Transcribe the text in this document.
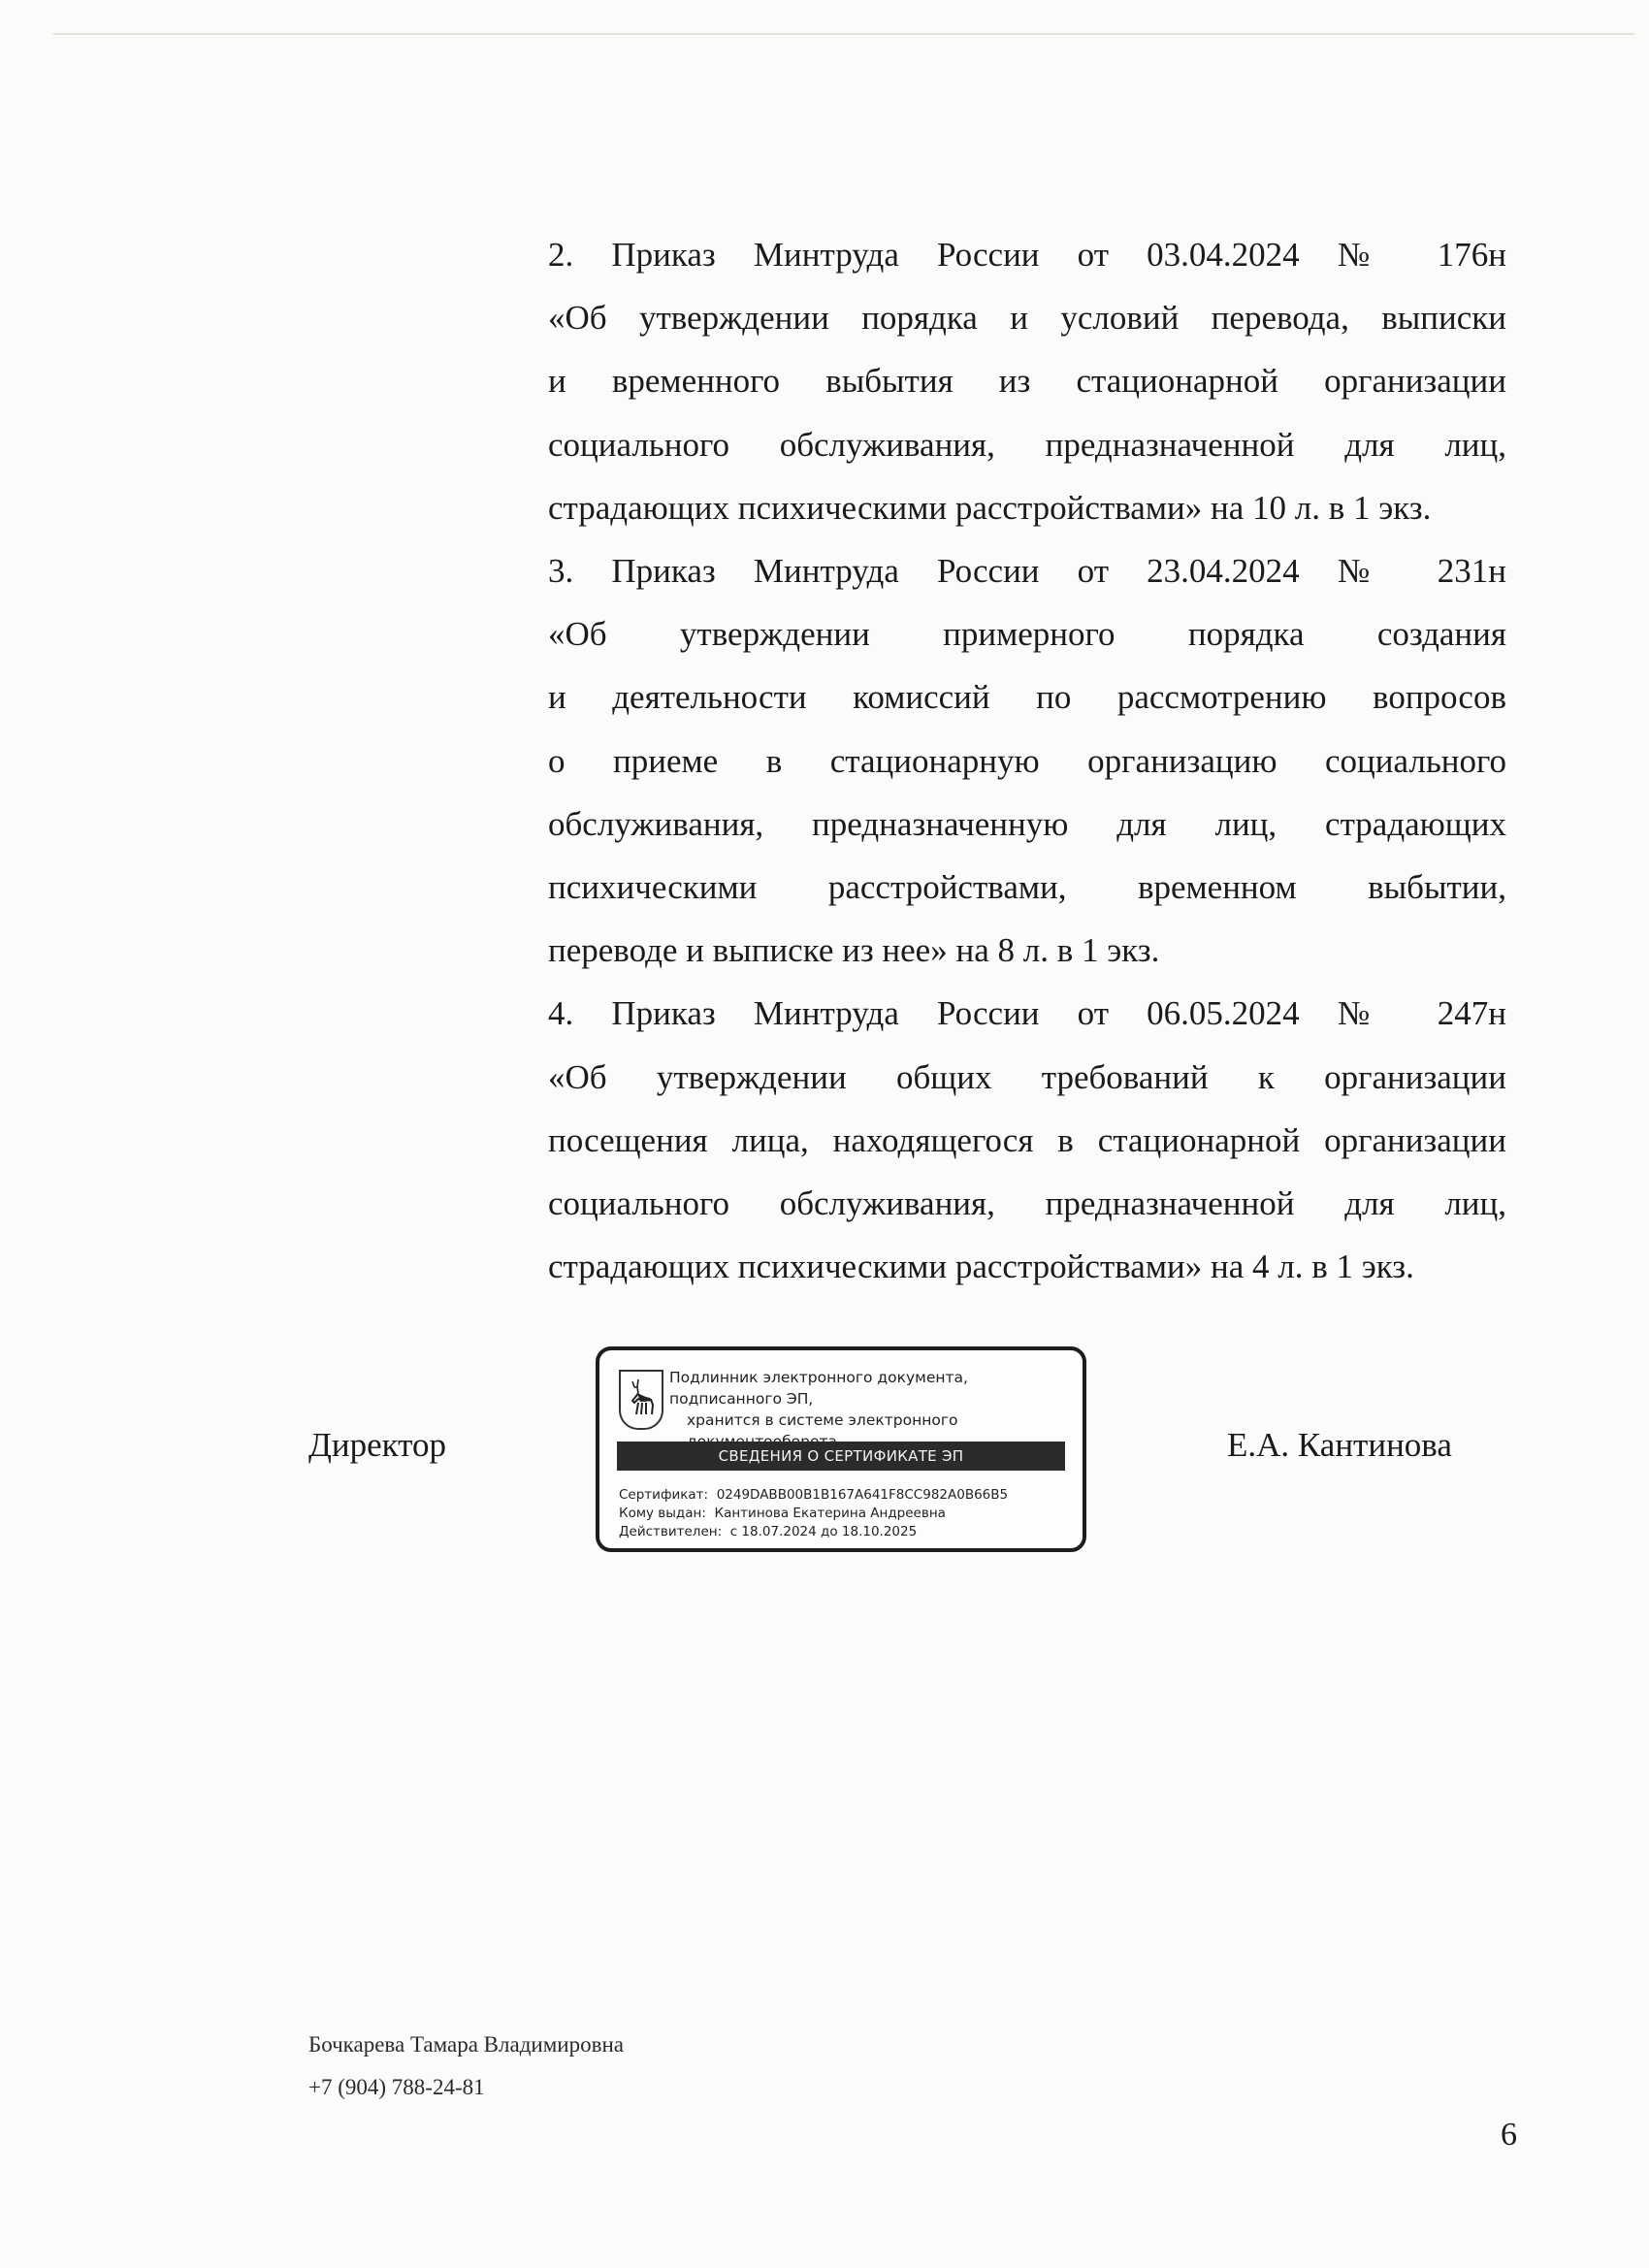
2. Приказ Минтруда России от 03.04.2024 № 176н

«Об утверждении порядка и условий перевода, выписки

и временного выбытия из стационарной организации

социального обслуживания, предназначенной для лиц,

страдающих психическими расстройствами» на 10 л. в 1 экз.

3. Приказ Минтруда России от 23.04.2024 № 231н

«Об утверждении примерного порядка создания

и деятельности комиссий по рассмотрению вопросов

о приеме в стационарную организацию социального

обслуживания, предназначенную для лиц, страдающих

психическими расстройствами, временном выбытии,

переводе и выписке из нее» на 8 л. в 1 экз.

4. Приказ Минтруда России от 06.05.2024 № 247н

«Об утверждении общих требований к организации

посещения лица, находящегося в стационарной организации

социального обслуживания, предназначенной для лиц,

страдающих психическими расстройствами» на 4 л. в 1 экз.

Директор	Е.А. Кантинова
Подлинник электронного документа, подписанного ЭП,
хранится в системе электронного
СВЕДЕНИЯ О СЕРТИФИКАТЕ ЭП
Сертификат:  0249DABB00B1B167A641F8CC982A0B66B5
Кому выдан:  Кантинова Екатерина Андреевна
Действителен:  с 18.07.2024 до 18.10.2025
Бочкарева Тамара Владимировна
+7 (904) 788-24-81
6
